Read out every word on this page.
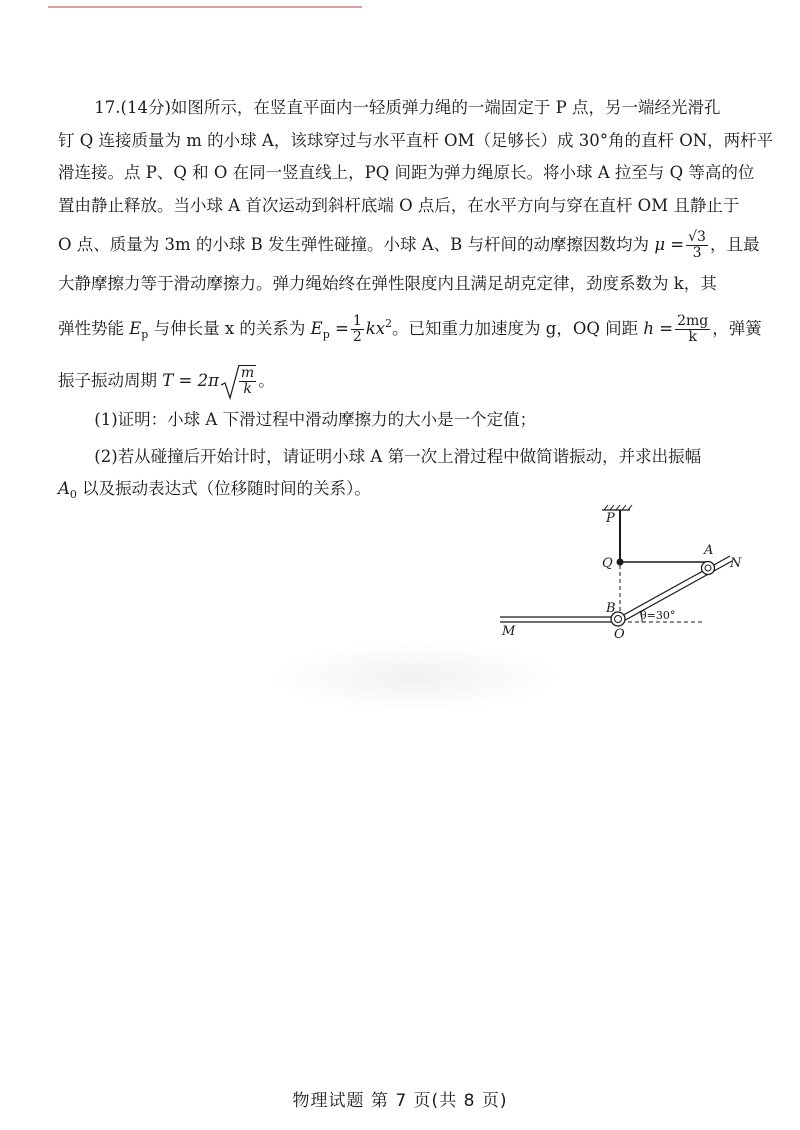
17.(14分)如图所示，在竖直平面内一轻质弹力绳的一端固定于 P 点，另一端经光滑孔

钉 Q 连接质量为 m 的小球 A，该球穿过与水平直杆 OM（足够长）成 30°角的直杆 ON，两杆平
滑连接。点 P、Q 和 O 在同一竖直线上，PQ 间距为弹力绳原长。将小球 A 拉至与 Q 等高的位
置由静止释放。当小球 A 首次运动到斜杆底端 O 点后，在水平方向与穿在直杆 OM 且静止于
O 点、质量为 3m 的小球 B 发生弹性碰撞。小球 A、B 与杆间的动摩擦因数均为 $\mu = \frac{√3}{3}$ ，且最
大静摩擦力等于滑动摩擦力。弹力绳始终在弹性限度内且满足胡克定律，劲度系数为 k，其
弹性势能 $E_p$ 与伸长量 x 的关系为 $E_p = \frac{1}{2} kx^2$。已知重力加速度为 g，OQ 间距 $h = \frac{2mg}{k}$ ，弹簧
振子振动周期 $T = 2\pi \frac{m}{k}$ 。

(1)证明：小球 A 下滑过程中滑动摩擦力的大小是一个定值；

(2)若从碰撞后开始计时，请证明小球 A 第一次上滑过程中做简谐振动，并求出振幅

$A_0$ 以及振动表达式（位移随时间的关系）。

P
Q
A
N
B
O
M
θ=30°
物理试题 第 7 页(共 8 页)
